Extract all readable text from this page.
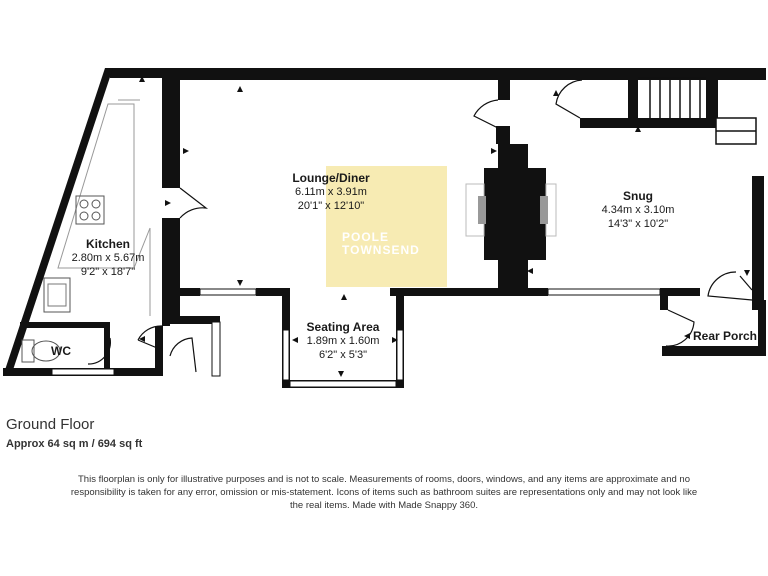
POOLE
TOWNSEND
Lounge/Diner
6.11m x 3.91m
20'1" x 12'10"
Snug
4.34m x 3.10m
14'3" x 10'2"
Kitchen
2.80m x 5.67m
9'2" x 18'7"
Seating Area
1.89m x 1.60m
6'2" x 5'3"
WC
Rear Porch
Ground Floor
Approx 64 sq m / 694 sq ft
This floorplan is only for illustrative purposes and is not to scale. Measurements of rooms, doors, windows, and any items are approximate and no responsibility is taken for any error, omission or mis-statement. Icons of items such as bathroom suites are representations only and may not look like the real items. Made with Made Snappy 360.
